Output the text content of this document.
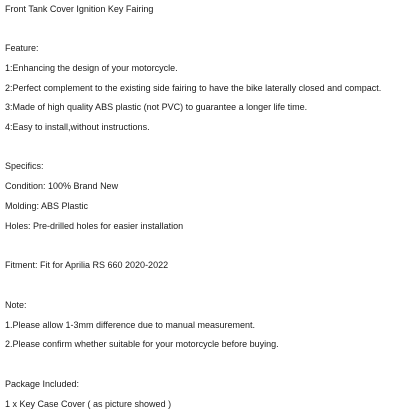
Front Tank Cover Ignition Key Fairing
Feature:
1:Enhancing the design of your motorcycle.
2:Perfect complement to the existing side fairing to have the bike laterally closed and compact.
3:Made of high quality ABS plastic (not PVC) to guarantee a longer life time.
4:Easy to install,without instructions.
Specifics:
Condition: 100% Brand New
Molding: ABS Plastic
Holes: Pre-drilled holes for easier installation
Fitment: Fit for Aprilia RS 660 2020-2022
Note:
1.Please allow 1-3mm difference due to manual measurement.
2.Please confirm whether suitable for your motorcycle before buying.
Package Included:
1 x Key Case Cover ( as picture showed )
